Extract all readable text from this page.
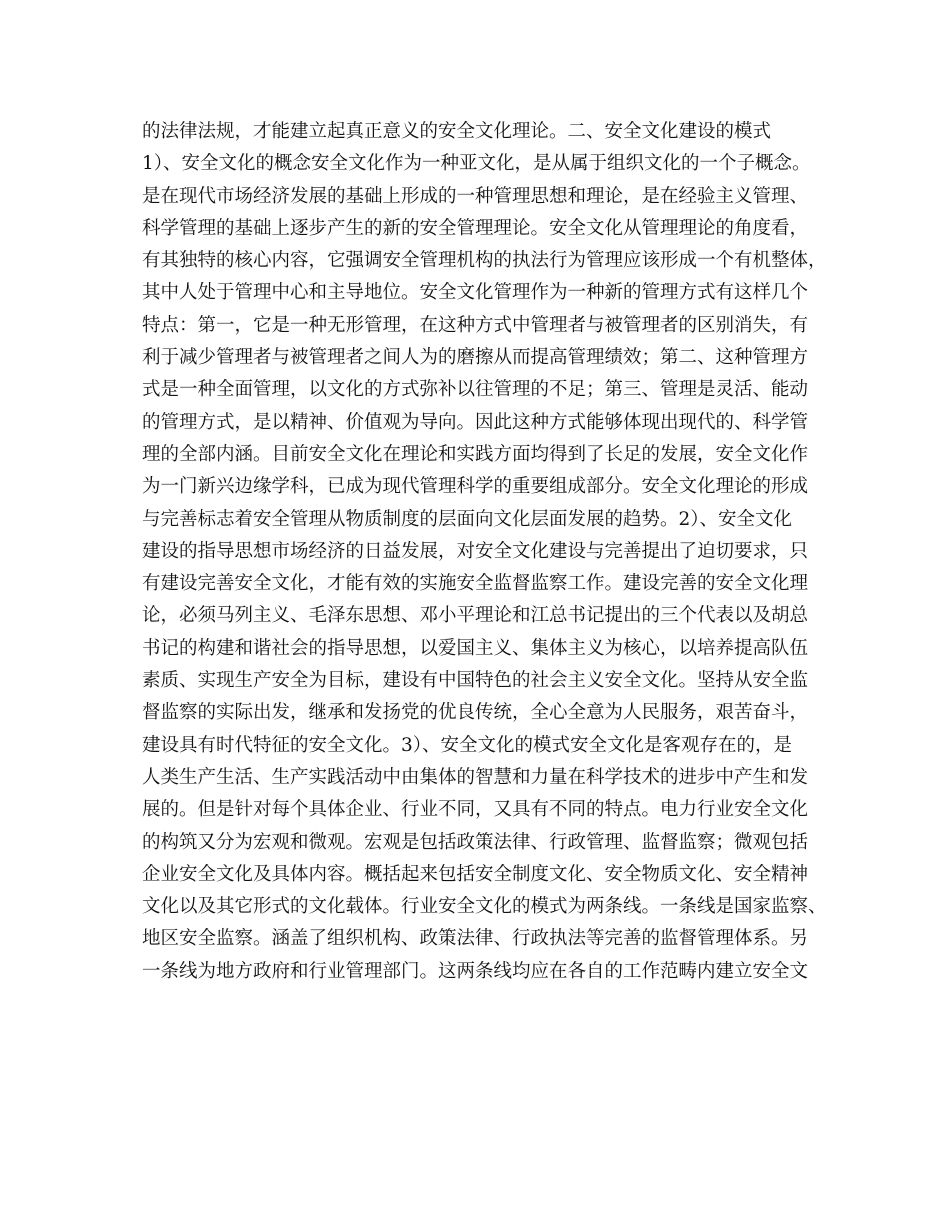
的法律法规，才能建立起真正意义的安全文化理论。二、安全文化建设的模式
1）、安全文化的概念安全文化作为一种亚文化，是从属于组织文化的一个子概念。
是在现代市场经济发展的基础上形成的一种管理思想和理论，是在经验主义管理、
科学管理的基础上逐步产生的新的安全管理理论。安全文化从管理理论的角度看，
有其独特的核心内容，它强调安全管理机构的执法行为管理应该形成一个有机整体，
其中人处于管理中心和主导地位。安全文化管理作为一种新的管理方式有这样几个
特点：第一，它是一种无形管理，在这种方式中管理者与被管理者的区别消失，有
利于减少管理者与被管理者之间人为的磨擦从而提高管理绩效；第二、这种管理方
式是一种全面管理，以文化的方式弥补以往管理的不足；第三、管理是灵活、能动
的管理方式，是以精神、价值观为导向。因此这种方式能够体现出现代的、科学管
理的全部内涵。目前安全文化在理论和实践方面均得到了长足的发展，安全文化作
为一门新兴边缘学科，已成为现代管理科学的重要组成部分。安全文化理论的形成
与完善标志着安全管理从物质制度的层面向文化层面发展的趋势。2）、安全文化
建设的指导思想市场经济的日益发展，对安全文化建设与完善提出了迫切要求，只
有建设完善安全文化，才能有效的实施安全监督监察工作。建设完善的安全文化理
论，必须马列主义、毛泽东思想、邓小平理论和江总书记提出的三个代表以及胡总
书记的构建和谐社会的指导思想，以爱国主义、集体主义为核心，以培养提高队伍
素质、实现生产安全为目标，建设有中国特色的社会主义安全文化。坚持从安全监
督监察的实际出发，继承和发扬党的优良传统，全心全意为人民服务，艰苦奋斗，
建设具有时代特征的安全文化。3）、安全文化的模式安全文化是客观存在的，是
人类生产生活、生产实践活动中由集体的智慧和力量在科学技术的进步中产生和发
展的。但是针对每个具体企业、行业不同，又具有不同的特点。电力行业安全文化
的构筑又分为宏观和微观。宏观是包括政策法律、行政管理、监督监察；微观包括
企业安全文化及具体内容。概括起来包括安全制度文化、安全物质文化、安全精神
文化以及其它形式的文化载体。行业安全文化的模式为两条线。一条线是国家监察、
地区安全监察。涵盖了组织机构、政策法律、行政执法等完善的监督管理体系。另
一条线为地方政府和行业管理部门。这两条线均应在各自的工作范畴内建立安全文
